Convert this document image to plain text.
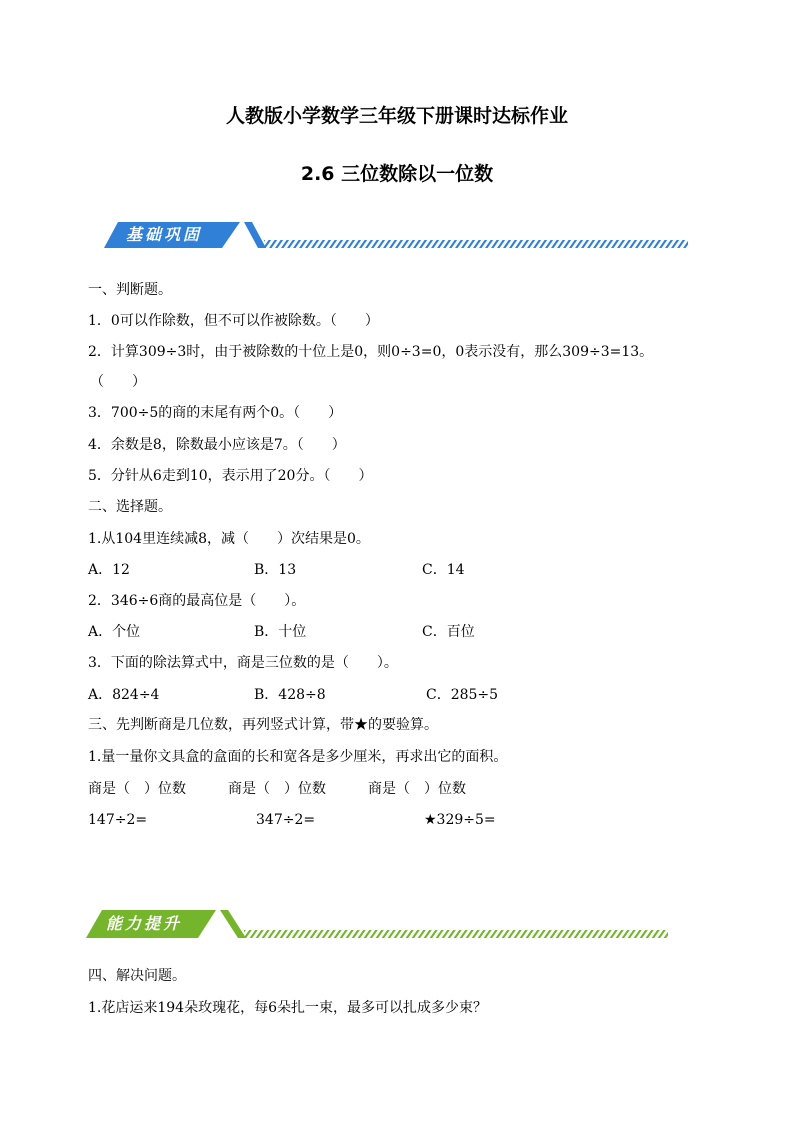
人教版小学数学三年级下册课时达标作业
2.6 三位数除以一位数
基础巩固
一、判断题。
1．0可以作除数，但不可以作被除数。（　　）
2．计算309÷3时，由于被除数的十位上是0，则0÷3=0，0表示没有，那么309÷3=13。
（　　）
3．700÷5的商的末尾有两个0。（　　）
4．余数是8，除数最小应该是7。（　　）
5．分针从6走到10，表示用了20分。（　　）
二、选择题。
1.从104里连续减8，减（　　）次结果是0。
A．12	B．13	C．14
2．346÷6商的最高位是（　　）。
A．个位	B．十位	C．百位
3．下面的除法算式中，商是三位数的是（　　）。
A．824÷4	B．428÷8	C．285÷5
三、先判断商是几位数，再列竖式计算，带★的要验算。
1.量一量你文具盒的盒面的长和宽各是多少厘米，再求出它的面积。
商是（　）位数	商是（　）位数	商是（　）位数
147÷2=	347÷2=	★329÷5=
能力提升
四、解决问题。
1.花店运来194朵玫瑰花，每6朵扎一束，最多可以扎成多少束？
